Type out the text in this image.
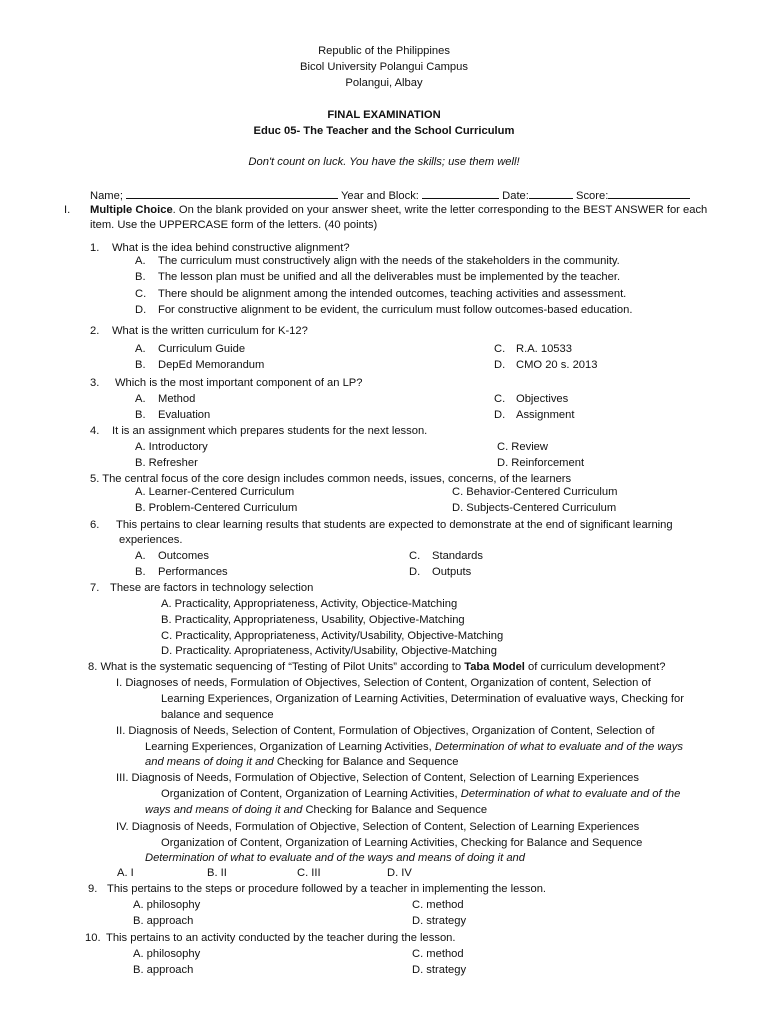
Republic of the Philippines
Bicol University Polangui Campus
Polangui, Albay
FINAL EXAMINATION
Educ 05- The Teacher and the School Curriculum
Don't count on luck. You have the skills; use them well!
Name;	Year and Block:	Date:	Score:
I. Multiple Choice. On the blank provided on your answer sheet, write the letter corresponding to the BEST ANSWER for each
item. Use the UPPERCASE form of the letters. (40 points)
1. What is the idea behind constructive alignment?
A. The curriculum must constructively align with the needs of the stakeholders in the community.
B. The lesson plan must be unified and all the deliverables must be implemented by the teacher.
C. There should be alignment among the intended outcomes, teaching activities and assessment.
D. For constructive alignment to be evident, the curriculum must follow outcomes-based education.
2. What is the written curriculum for K-12?
A. Curriculum Guide
B. DepEd Memorandum
C. R.A. 10533
D. CMO 20 s. 2013
3. Which is the most important component of an LP?
A. Method
B. Evaluation
C. Objectives
D. Assignment
4. It is an assignment which prepares students for the next lesson.
A. Introductory
B. Refresher
C. Review
D. Reinforcement
5. The central focus of the core design includes common needs, issues, concerns, of the learners
A. Learner-Centered Curriculum
B. Problem-Centered Curriculum
C. Behavior-Centered Curriculum
D. Subjects-Centered Curriculum
6. This pertains to clear learning results that students are expected to demonstrate at the end of significant learning
experiences.
A. Outcomes
B. Performances
C. Standards
D. Outputs
7. These are factors in technology selection
A. Practicality, Appropriateness, Activity, Objectice-Matching
B. Practicality, Appropriateness, Usability, Objective-Matching
C. Practicality, Appropriateness, Activity/Usability, Objective-Matching
D. Practicality. Apropriateness, Activity/Usability, Objective-Matching
8. What is the systematic sequencing of “Testing of Pilot Units” according to Taba Model of curriculum development?
I. Diagnoses of needs, Formulation of Objectives, Selection of Content, Organization of content, Selection of
Learning Experiences, Organization of Learning Activities, Determination of evaluative ways, Checking for
balance and sequence
II. Diagnosis of Needs, Selection of Content, Formulation of Objectives, Organization of Content, Selection of
Learning Experiences, Organization of Learning Activities, Determination of what to evaluate and of the ways
and means of doing it and Checking for Balance and Sequence
III. Diagnosis of Needs, Formulation of Objective, Selection of Content, Selection of Learning Experiences
Organization of Content, Organization of Learning Activities, Determination of what to evaluate and of the
ways and means of doing it and Checking for Balance and Sequence
IV. Diagnosis of Needs, Formulation of Objective, Selection of Content, Selection of Learning Experiences
Organization of Content, Organization of Learning Activities, Checking for Balance and Sequence
Determination of what to evaluate and of the ways and means of doing it and
A. I	B. II	C. III	D. IV
9. This pertains to the steps or procedure followed by a teacher in implementing the lesson.
A. philosophy
B. approach
C. method
D. strategy
10. This pertains to an activity conducted by the teacher during the lesson.
A. philosophy
B. approach
C. method
D. strategy
